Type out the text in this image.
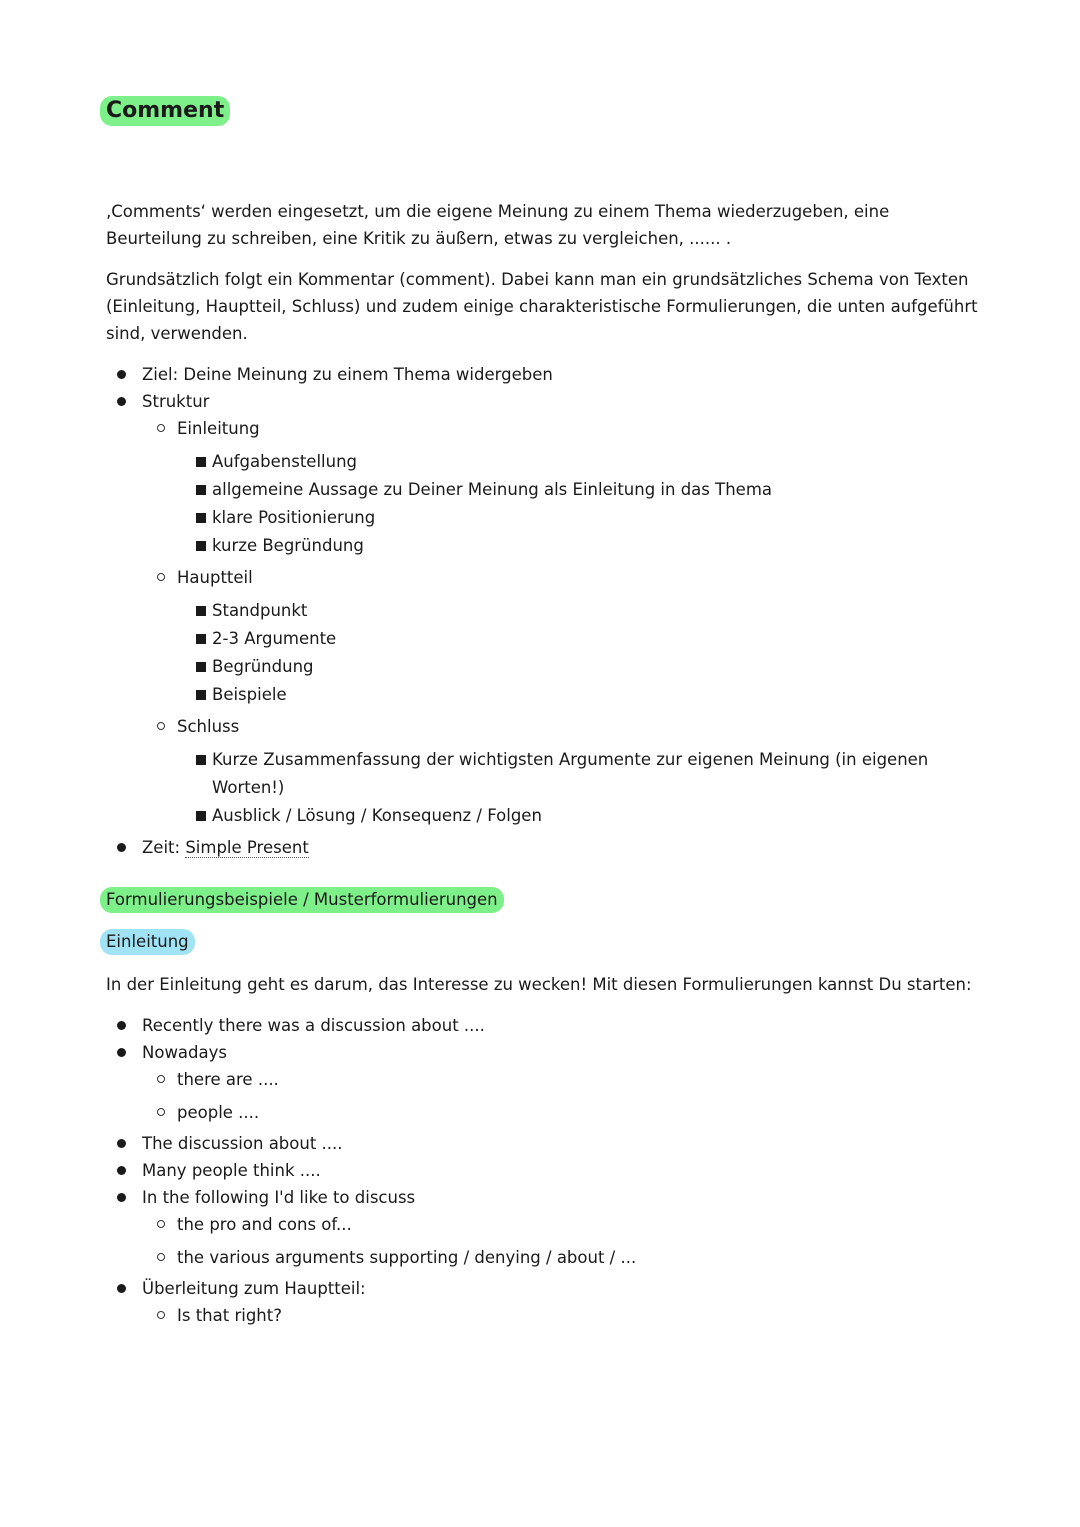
Comment

‚Comments‘ werden eingesetzt, um die eigene Meinung zu einem Thema wiederzugeben, eine Beurteilung zu schreiben, eine Kritik zu äußern, etwas zu vergleichen, ...... .

Grundsätzlich folgt ein Kommentar (comment). Dabei kann man ein grundsätzliches Schema von Texten (Einleitung, Hauptteil, Schluss) und zudem einige charakteristische Formulierungen, die unten aufgeführt sind, verwenden.

Ziel: Deine Meinung zu einem Thema widergeben
Struktur
Einleitung
Aufgabenstellung
allgemeine Aussage zu Deiner Meinung als Einleitung in das Thema
klare Positionierung
kurze Begründung
Hauptteil
Standpunkt
2-3 Argumente
Begründung
Beispiele
Schluss
Kurze Zusammenfassung der wichtigsten Argumente zur eigenen Meinung (in eigenen Worten!)
Ausblick / Lösung / Konsequenz / Folgen
Zeit: Simple Present
Formulierungsbeispiele / Musterformulierungen
Einleitung

In der Einleitung geht es darum, das Interesse zu wecken! Mit diesen Formulierungen kannst Du starten:

Recently there was a discussion about ....
Nowadays
there are ....
people ....
The discussion about ....
Many people think ....
In the following I'd like to discuss
the pro and cons of...
the various arguments supporting / denying / about / ...
Überleitung zum Hauptteil:
Is that right?
